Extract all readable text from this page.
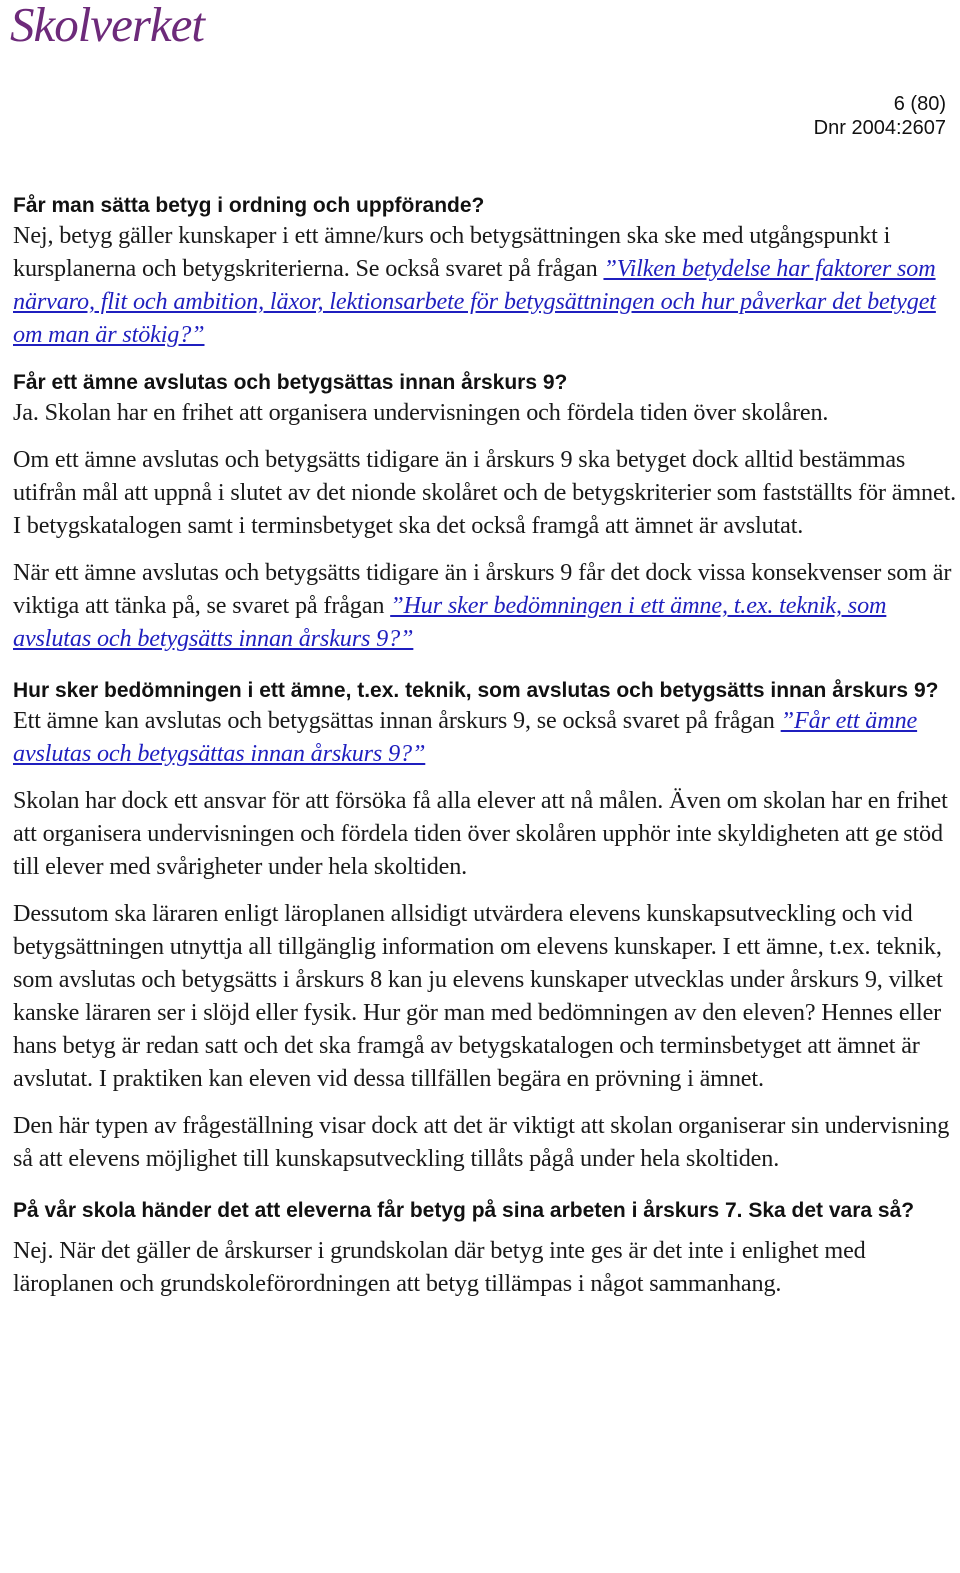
Skolverket
6 (80)
Dnr 2004:2607

Får man sätta betyg i ordning och uppförande?

Nej, betyg gäller kunskaper i ett ämne/kurs och betygsättningen ska ske med utgångspunkt i kursplanerna och betygskriterierna. Se också svaret på frågan ”Vilken betydelse har faktorer som närvaro, flit och ambition, läxor, lektionsarbete för betygsättningen och hur påverkar det betyget om man är stökig?”

Får ett ämne avslutas och betygsättas innan årskurs 9?

Ja. Skolan har en frihet att organisera undervisningen och fördela tiden över skolåren.

Om ett ämne avslutas och betygsätts tidigare än i årskurs 9 ska betyget dock alltid bestämmas utifrån mål att uppnå i slutet av det nionde skolåret och de betygskriterier som fastställts för ämnet. I betygskatalogen samt i terminsbetyget ska det också framgå att ämnet är avslutat.

När ett ämne avslutas och betygsätts tidigare än i årskurs 9 får det dock vissa konsekvenser som är viktiga att tänka på, se svaret på frågan ”Hur sker bedömningen i ett ämne, t.ex. teknik, som avslutas och betygsätts innan årskurs 9?”

Hur sker bedömningen i ett ämne, t.ex. teknik, som avslutas och betygsätts innan årskurs 9?

Ett ämne kan avslutas och betygsättas innan årskurs 9, se också svaret på frågan ”Får ett ämne avslutas och betygsättas innan årskurs 9?”

Skolan har dock ett ansvar för att försöka få alla elever att nå målen. Även om skolan har en frihet att organisera undervisningen och fördela tiden över skolåren upphör inte skyldigheten att ge stöd till elever med svårigheter under hela skoltiden.

Dessutom ska läraren enligt läroplanen allsidigt utvärdera elevens kunskapsutveckling och vid betygsättningen utnyttja all tillgänglig information om elevens kunskaper. I ett ämne, t.ex. teknik, som avslutas och betygsätts i årskurs 8 kan ju elevens kunskaper utvecklas under årskurs 9, vilket kanske läraren ser i slöjd eller fysik. Hur gör man med bedömningen av den eleven? Hennes eller hans betyg är redan satt och det ska framgå av betygskatalogen och terminsbetyget att ämnet är avslutat. I praktiken kan eleven vid dessa tillfällen begära en prövning i ämnet.

Den här typen av frågeställning visar dock att det är viktigt att skolan organiserar sin undervisning så att elevens möjlighet till kunskapsutveckling tillåts pågå under hela skoltiden.

På vår skola händer det att eleverna får betyg på sina arbeten i årskurs 7. Ska det vara så?

Nej. När det gäller de årskurser i grundskolan där betyg inte ges är det inte i enlighet med läroplanen och grundskoleförordningen att betyg tillämpas i något sammanhang.
